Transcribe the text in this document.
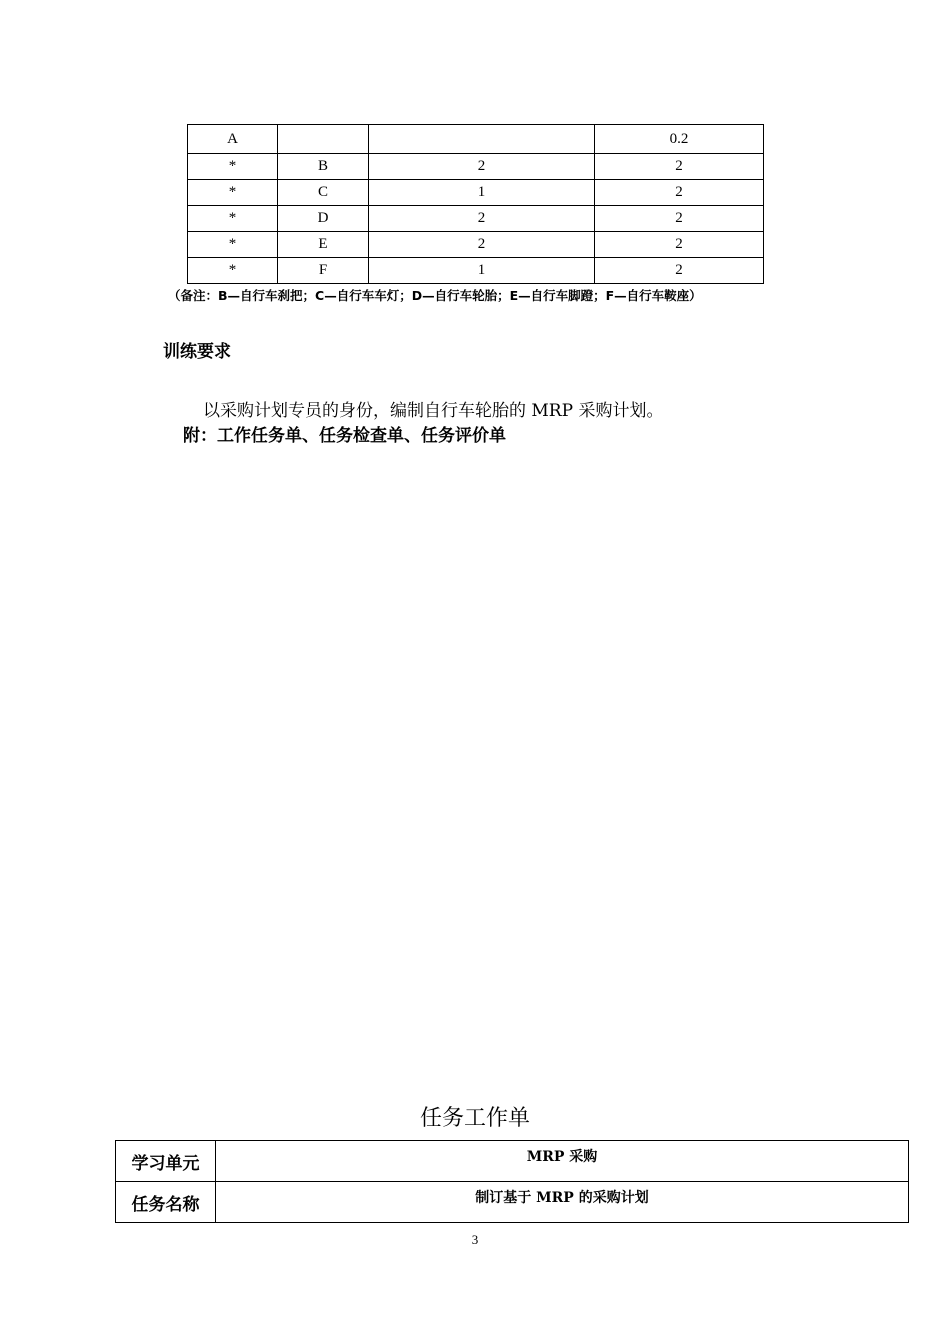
A			0.2
*	B	2	2
*	C	1	2
*	D	2	2
*	E	2	2
*	F	1	2
（备注：B—自行车刹把；C—自行车车灯；D—自行车轮胎；E—自行车脚蹬；F—自行车鞍座）
训练要求
以采购计划专员的身份，编制自行车轮胎的 MRP 采购计划。
附：工作任务单、任务检查单、任务评价单
任务工作单
学习单元	MRP 采购
任务名称	制订基于 MRP 的采购计划
3
